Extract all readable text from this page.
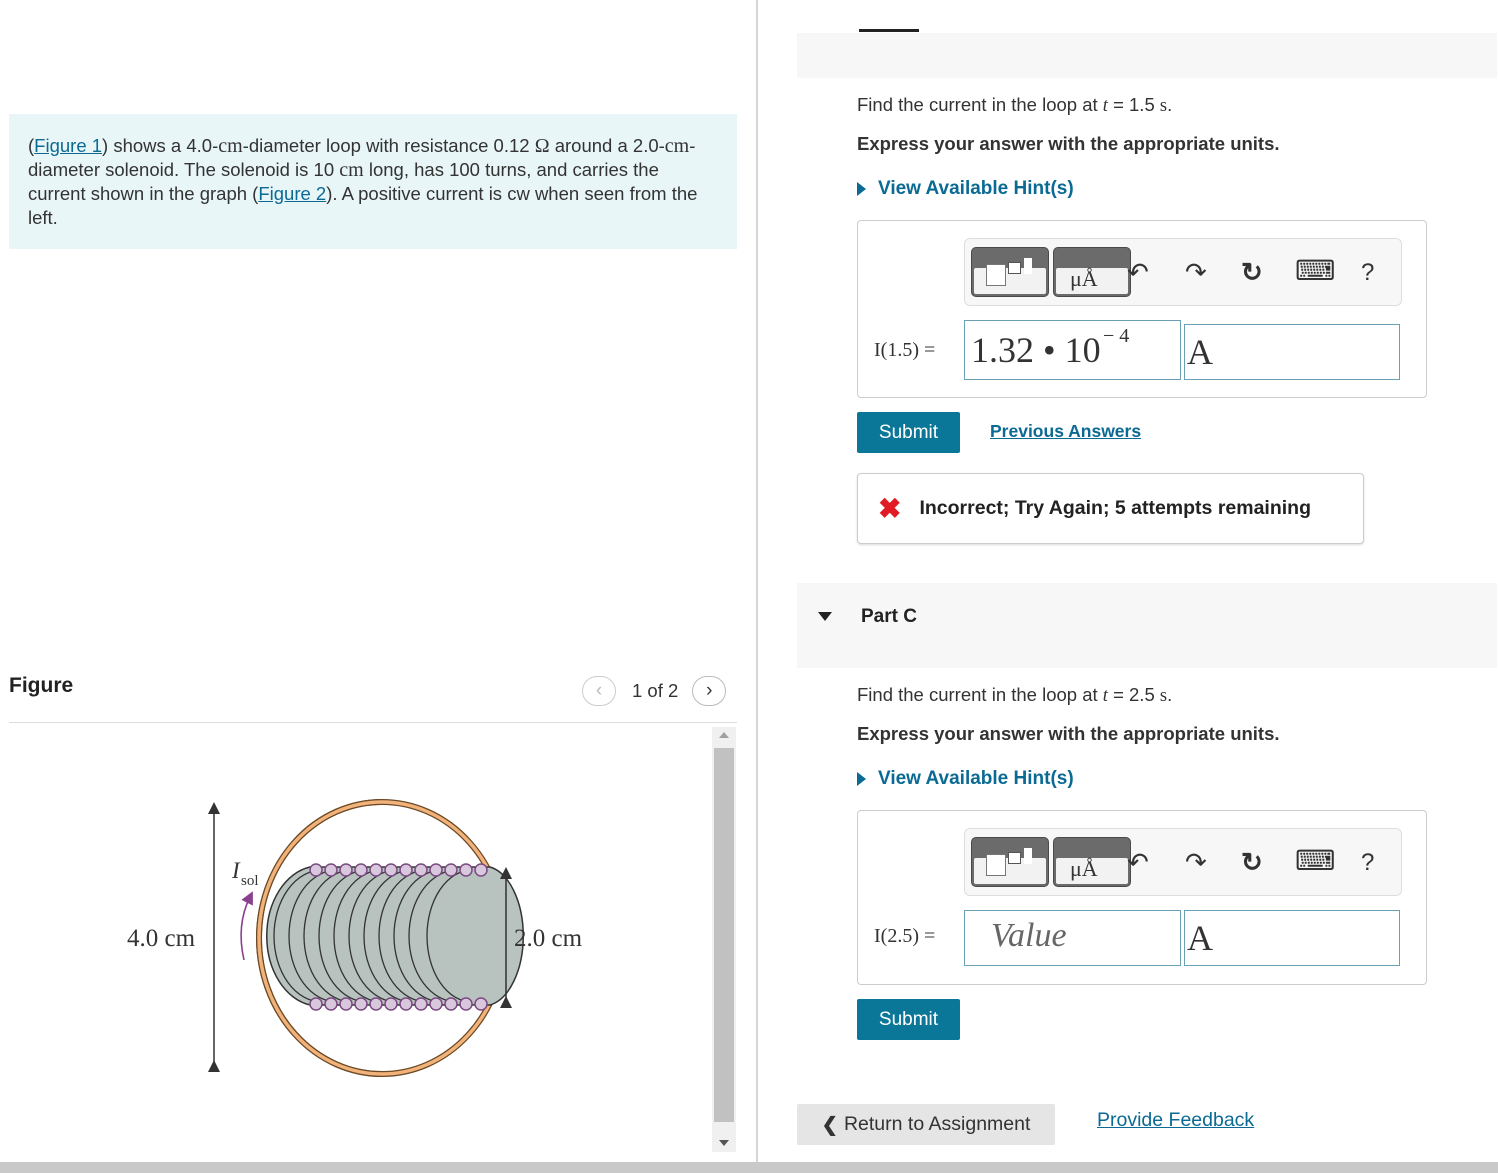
(Figure 1) shows a 4.0-cm-diameter loop with resistance 0.12 Ω around a 2.0-cm-diameter solenoid. The solenoid is 10 cm long, has 100 turns, and carries the current shown in the graph (Figure 2). A positive current is cw when seen from the left.
Figure	‹	1 of 2	›
4.0 cm	2.0 cm
I sol
Find the current in the loop at t = 1.5 s.
Express your answer with the appropriate units.
View Available Hint(s)
μÅ ↶ ↷ ↻ ⌨ ?
I(1.5) = 1.32 • 10 − 4 A
Submit	Previous Answers
✖ Incorrect; Try Again; 5 attempts remaining
Part C
Find the current in the loop at t = 2.5 s.
Express your answer with the appropriate units.
View Available Hint(s)
μÅ ↶ ↷ ↻ ⌨ ?
I(2.5) = Value	A
Submit
❮ Return to Assignment	Provide Feedback
